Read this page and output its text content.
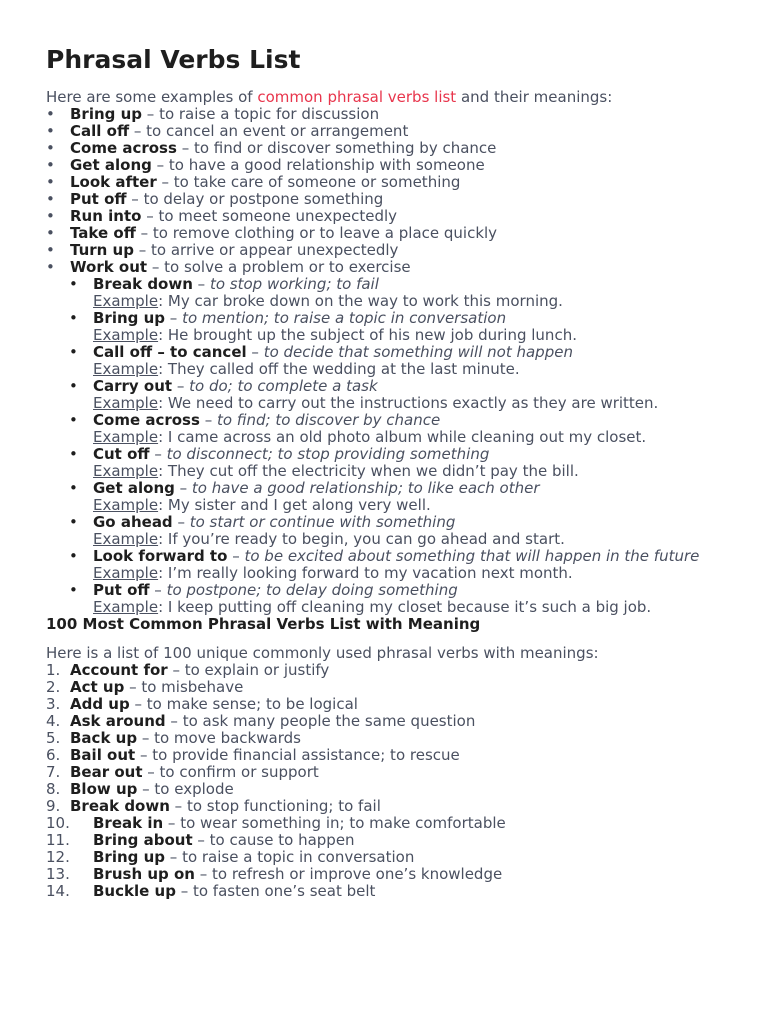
Phrasal Verbs List

Here are some examples of common phrasal verbs list and their meanings:

• Bring up – to raise a topic for discussion
• Call off – to cancel an event or arrangement
• Come across – to find or discover something by chance
• Get along – to have a good relationship with someone
• Look after – to take care of someone or something
• Put off – to delay or postpone something
• Run into – to meet someone unexpectedly
• Take off – to remove clothing or to leave a place quickly
• Turn up – to arrive or appear unexpectedly
• Work out – to solve a problem or to exercise
• Break down – to stop working; to fail
Example: My car broke down on the way to work this morning.
• Bring up – to mention; to raise a topic in conversation
Example: He brought up the subject of his new job during lunch.
• Call off – to cancel – to decide that something will not happen
Example: They called off the wedding at the last minute.
• Carry out – to do; to complete a task
Example: We need to carry out the instructions exactly as they are written.
• Come across – to find; to discover by chance
Example: I came across an old photo album while cleaning out my closet.
• Cut off – to disconnect; to stop providing something
Example: They cut off the electricity when we didn’t pay the bill.
• Get along – to have a good relationship; to like each other
Example: My sister and I get along very well.
• Go ahead – to start or continue with something
Example: If you’re ready to begin, you can go ahead and start.
• Look forward to – to be excited about something that will happen in the future
Example: I’m really looking forward to my vacation next month.
• Put off – to postpone; to delay doing something
Example: I keep putting off cleaning my closet because it’s such a big job.
100 Most Common Phrasal Verbs List with Meaning

Here is a list of 100 unique commonly used phrasal verbs with meanings:

1. Account for – to explain or justify
2. Act up – to misbehave
3. Add up – to make sense; to be logical
4. Ask around – to ask many people the same question
5. Back up – to move backwards
6. Bail out – to provide financial assistance; to rescue
7. Bear out – to confirm or support
8. Blow up – to explode
9. Break down – to stop functioning; to fail
10. Break in – to wear something in; to make comfortable
11. Bring about – to cause to happen
12. Bring up – to raise a topic in conversation
13. Brush up on – to refresh or improve one’s knowledge
14. Buckle up – to fasten one’s seat belt
